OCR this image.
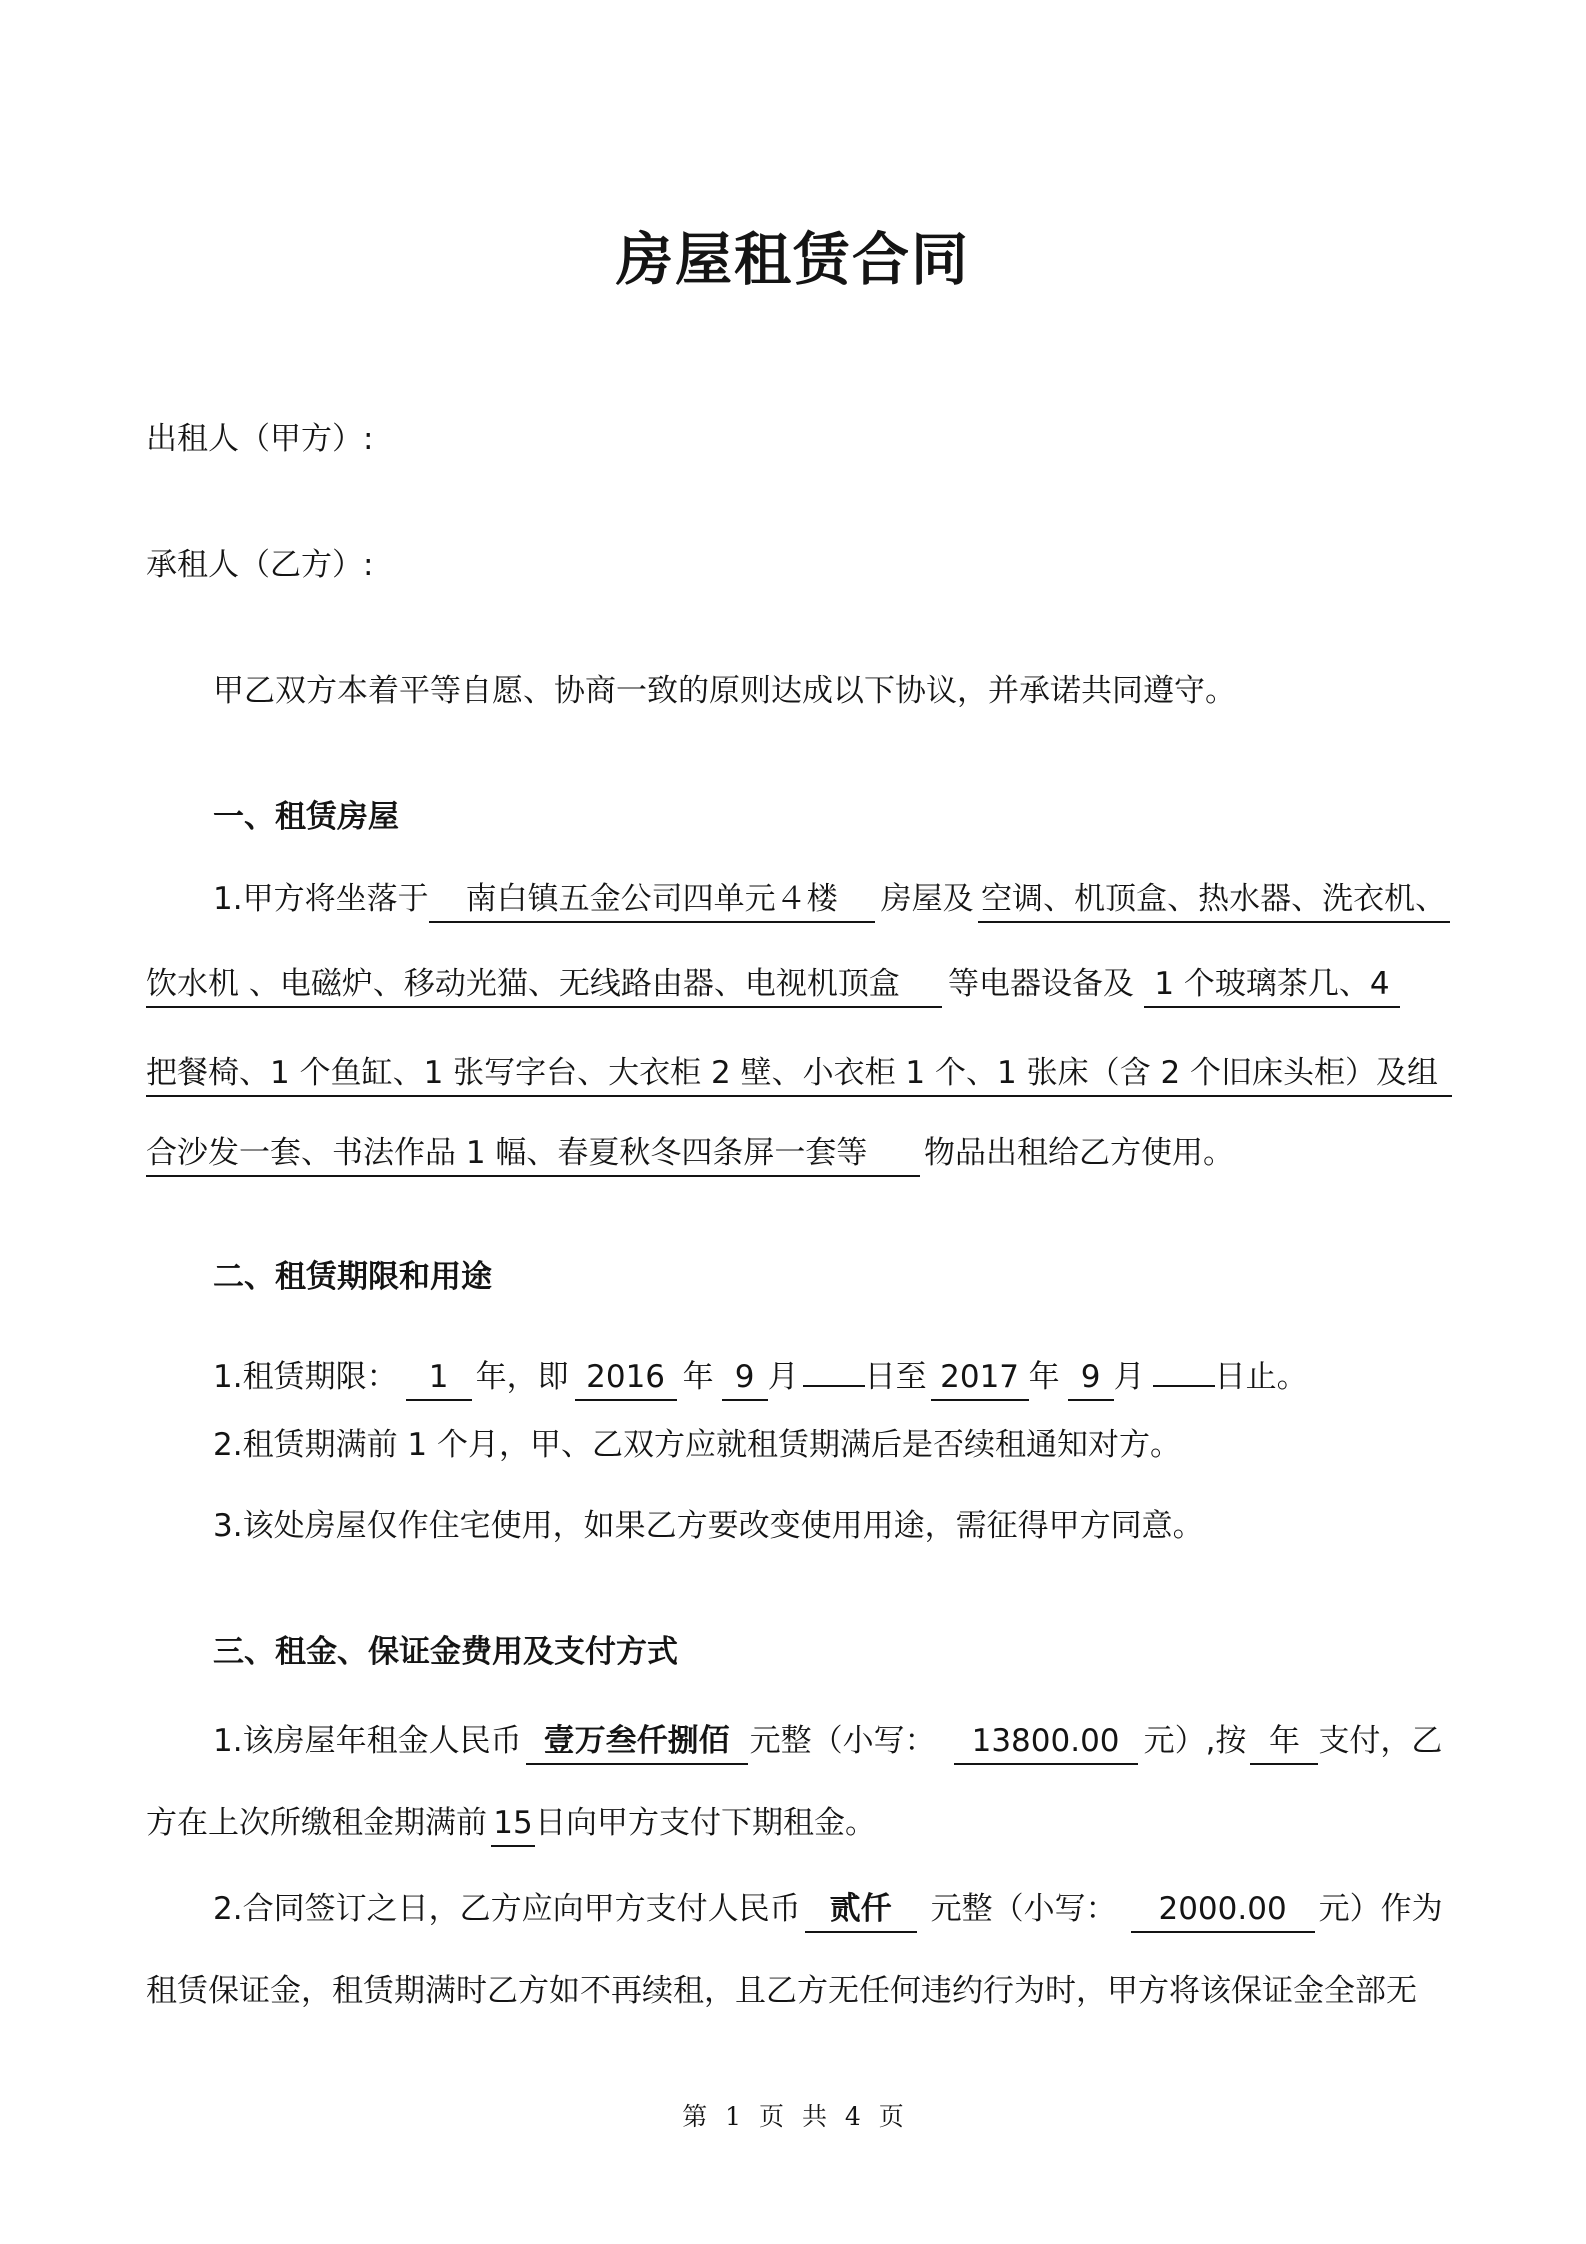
房屋租赁合同
出租人（甲方）:
承租人（乙方）:
甲乙双方本着平等自愿、协商一致的原则达成以下协议，并承诺共同遵守。
一、租赁房屋
1.甲方将坐落于 南白镇五金公司四单元４楼 房屋及 空调、机顶盒、热水器、洗衣机、
饮水机 、电磁炉、移动光猫、无线路由器、电视机顶盒 等电器设备及 1 个玻璃茶几、4
把餐椅、1 个鱼缸、1 张写字台、大衣柜 2 壁、小衣柜 1 个、1 张床（含 2 个旧床头柜）及组
合沙发一套、书法作品 1 幅、春夏秋冬四条屏一套等 物品出租给乙方使用。
二、租赁期限和用途
1.租赁期限： 1 年，即 2016 年 9 月 日至 2017 年 9 月 日止。
2.租赁期满前 1 个月，甲、乙双方应就租赁期满后是否续租通知对方。
3.该处房屋仅作住宅使用，如果乙方要改变使用用途，需征得甲方同意。
三、租金、保证金费用及支付方式
1.该房屋年租金人民币 壹万叁仟捌佰 元整（小写： 13800.00 元）,按 年 支付，乙
方在上次所缴租金期满前 15日向甲方支付下期租金。
2.合同签订之日，乙方应向甲方支付人民币 贰仟 元整（小写： 2000.00 元）作为
租赁保证金，租赁期满时乙方如不再续租，且乙方无任何违约行为时，甲方将该保证金全部无
第 1 页 共 4 页
